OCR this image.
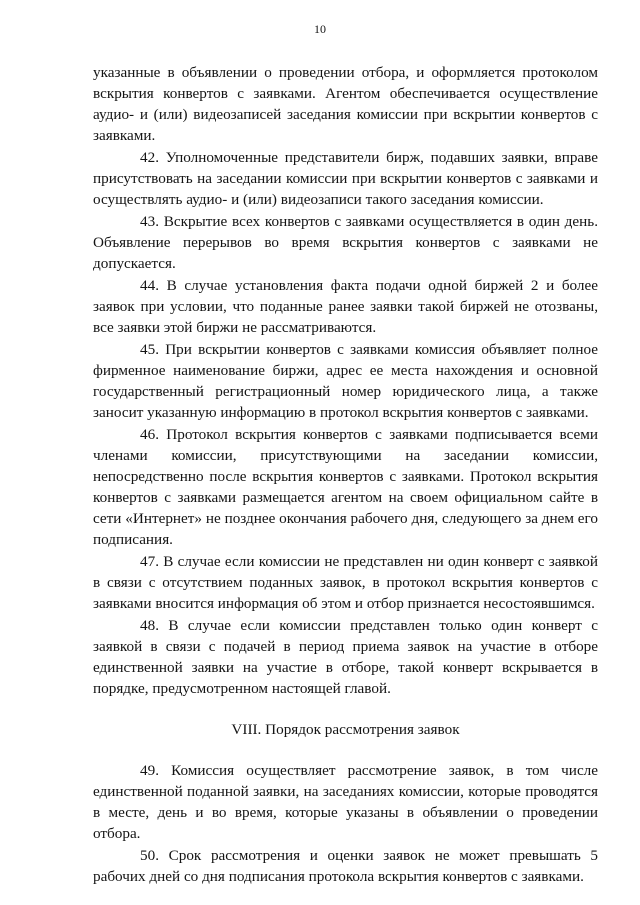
10

указанные в объявлении о проведении отбора, и оформляется протоколом вскрытия конвертов с заявками. Агентом обеспечивается осуществление аудио- и (или) видеозаписей заседания комиссии при вскрытии конвертов с заявками.

42. Уполномоченные представители бирж, подавших заявки, вправе присутствовать на заседании комиссии при вскрытии конвертов с заявками и осуществлять аудио- и (или) видеозаписи такого заседания комиссии.

43. Вскрытие всех конвертов с заявками осуществляется в один день. Объявление перерывов во время вскрытия конвертов с заявками не допускается.

44. В случае установления факта подачи одной биржей 2 и более заявок при условии, что поданные ранее заявки такой биржей не отозваны, все заявки этой биржи не рассматриваются.

45. При вскрытии конвертов с заявками комиссия объявляет полное фирменное наименование биржи, адрес ее места нахождения и основной государственный регистрационный номер юридического лица, а также заносит указанную информацию в протокол вскрытия конвертов с заявками.

46. Протокол вскрытия конвертов с заявками подписывается всеми членами комиссии, присутствующими на заседании комиссии, непосредственно после вскрытия конвертов с заявками. Протокол вскрытия конвертов с заявками размещается агентом на своем официальном сайте в сети «Интернет» не позднее окончания рабочего дня, следующего за днем его подписания.

47. В случае если комиссии не представлен ни один конверт с заявкой в связи с отсутствием поданных заявок, в протокол вскрытия конвертов с заявками вносится информация об этом и отбор признается несостоявшимся.

48. В случае если комиссии представлен только один конверт с заявкой в связи с подачей в период приема заявок на участие в отборе единственной заявки на участие в отборе, такой конверт вскрывается в порядке, предусмотренном настоящей главой.

VIII. Порядок рассмотрения заявок

49. Комиссия осуществляет рассмотрение заявок, в том числе единственной поданной заявки, на заседаниях комиссии, которые проводятся в месте, день и во время, которые указаны в объявлении о проведении отбора.

50. Срок рассмотрения и оценки заявок не может превышать 5 рабочих дней со дня подписания протокола вскрытия конвертов с заявками.
